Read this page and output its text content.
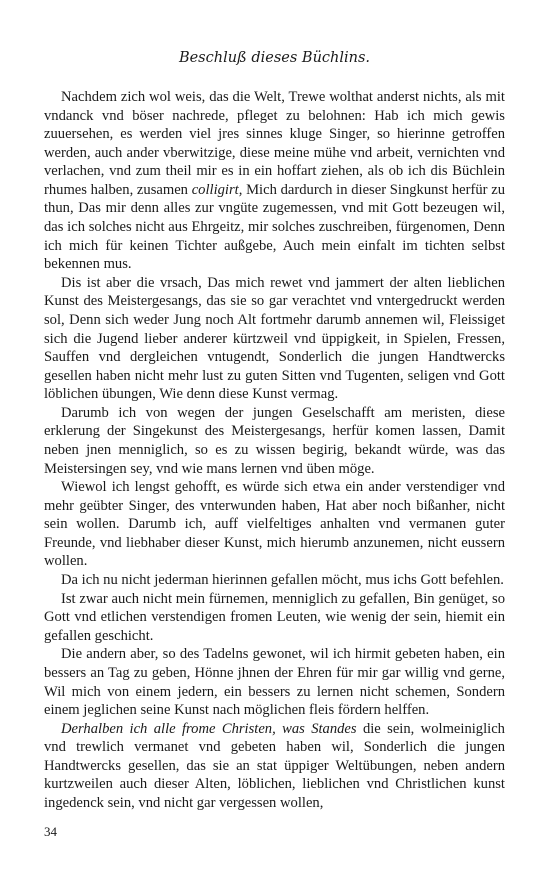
Beschluß dieses Büchlins.

Nachdem zich wol weis, das die Welt, Trewe wolthat anderst nichts, als mit vndanck vnd böser nachrede, pfleget zu belohnen: Hab ich mich gewis zuuersehen, es werden viel jres sinnes kluge Singer, so hierinne getroffen werden, auch ander vberwitzige, diese meine mühe vnd arbeit, vernichten vnd verlachen, vnd zum theil mir es in ein hoffart ziehen, als ob ich dis Büchlein rhumes halben, zusamen colligirt, Mich dardurch in dieser Singkunst herfür zu thun, Das mir denn alles zur vngüte zugemessen, vnd mit Gott bezeugen wil, das ich solches nicht aus Ehrgeitz, mir solches zuschreiben, fürgenomen, Denn ich mich für keinen Tichter außgebe, Auch mein einfalt im tichten selbst bekennen mus.

Dis ist aber die vrsach, Das mich rewet vnd jammert der alten lieblichen Kunst des Meistergesangs, das sie so gar verachtet vnd vntergedruckt werden sol, Denn sich weder Jung noch Alt fortmehr darumb annemen wil, Fleissiget sich die Jugend lieber anderer kürtzweil vnd üppigkeit, in Spielen, Fressen, Sauffen vnd dergleichen vntugendt, Sonderlich die jungen Handtwercks gesellen haben nicht mehr lust zu guten Sitten vnd Tugenten, seligen vnd Gott löblichen übungen, Wie denn diese Kunst vermag.

Darumb ich von wegen der jungen Geselschafft am meristen, diese erklerung der Singekunst des Meistergesangs, herfür komen lassen, Damit neben jnen menniglich, so es zu wissen begirig, bekandt würde, was das Meistersingen sey, vnd wie mans lernen vnd üben möge.

Wiewol ich lengst gehofft, es würde sich etwa ein ander verstendiger vnd mehr geübter Singer, des vnterwunden haben, Hat aber noch bißanher, nicht sein wollen. Darumb ich, auff vielfeltiges anhalten vnd vermanen guter Freunde, vnd liebhaber dieser Kunst, mich hierumb anzunemen, nicht eussern wollen.

Da ich nu nicht jederman hierinnen gefallen möcht, mus ichs Gott befehlen.

Ist zwar auch nicht mein fürnemen, menniglich zu gefallen, Bin genüget, so Gott vnd etlichen verstendigen fromen Leuten, wie wenig der sein, hiemit ein gefallen geschicht.

Die andern aber, so des Tadelns gewonet, wil ich hirmit gebeten haben, ein bessers an Tag zu geben, Hönne jhnen der Ehren für mir gar willig vnd gerne, Wil mich von einem jedern, ein bessers zu lernen nicht schemen, Sondern einem jeglichen seine Kunst nach möglichen fleis fördern helffen.

Derhalben ich alle frome Christen, was Standes die sein, wolmeiniglich vnd trewlich vermanet vnd gebeten haben wil, Sonderlich die jungen Handtwercks gesellen, das sie an stat üppiger Weltübungen, neben andern kurtzweilen auch dieser Alten, löblichen, lieblichen vnd Christlichen kunst ingedenck sein, vnd nicht gar vergessen wollen,

34
